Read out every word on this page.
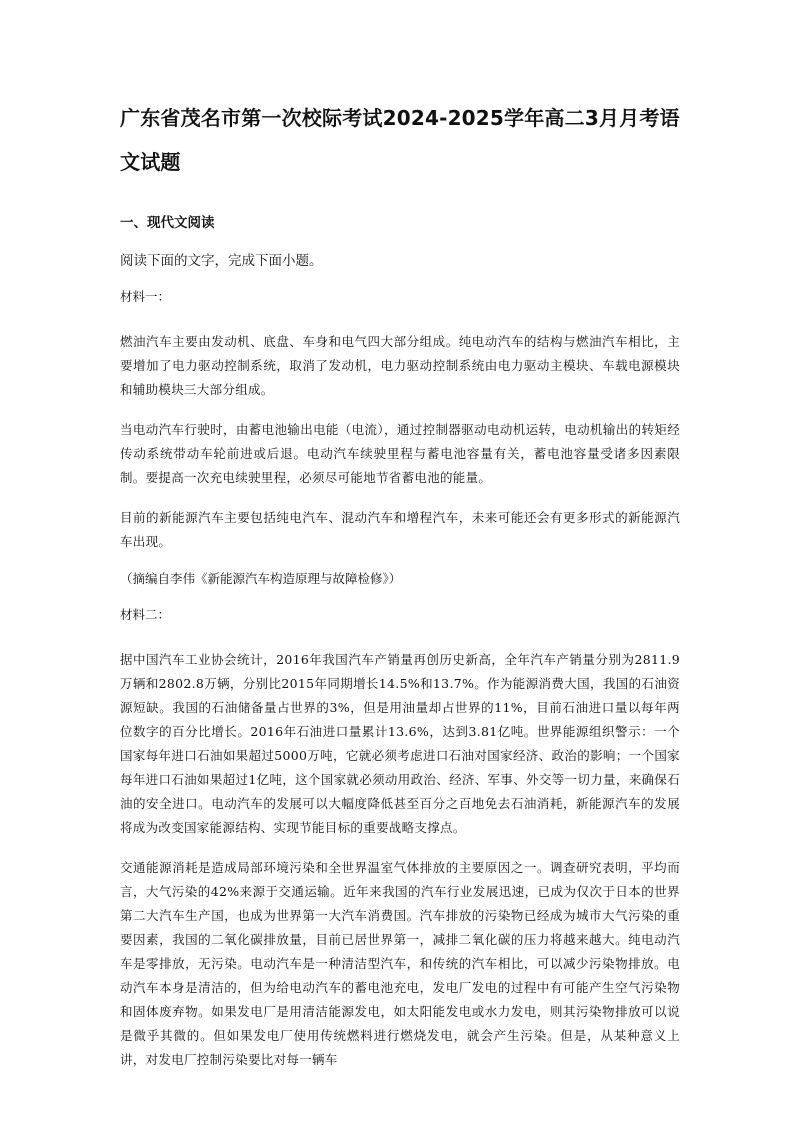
广东省茂名市第一次校际考试2024-2025学年高二3月月考语文试题
一、现代文阅读
阅读下面的文字，完成下面小题。
材料一：

燃油汽车主要由发动机、底盘、车身和电气四大部分组成。纯电动汽车的结构与燃油汽车相比，主要增加了电力驱动控制系统，取消了发动机，电力驱动控制系统由电力驱动主模块、车载电源模块和辅助模块三大部分组成。

当电动汽车行驶时，由蓄电池输出电能（电流），通过控制器驱动电动机运转，电动机输出的转矩经传动系统带动车轮前进或后退。电动汽车续驶里程与蓄电池容量有关，蓄电池容量受诸多因素限制。要提高一次充电续驶里程，必须尽可能地节省蓄电池的能量。

目前的新能源汽车主要包括纯电汽车、混动汽车和增程汽车，未来可能还会有更多形式的新能源汽车出现。

（摘编自李伟《新能源汽车构造原理与故障检修》）
材料二：

据中国汽车工业协会统计，2016年我国汽车产销量再创历史新高，全年汽车产销量分别为2811.9万辆和2802.8万辆，分别比2015年同期增长14.5%和13.7%。作为能源消费大国，我国的石油资源短缺。我国的石油储备量占世界的3%，但是用油量却占世界的11%，目前石油进口量以每年两位数字的百分比增长。2016年石油进口量累计13.6%，达到3.81亿吨。世界能源组织警示：一个国家每年进口石油如果超过5000万吨，它就必须考虑进口石油对国家经济、政治的影响；一个国家每年进口石油如果超过1亿吨，这个国家就必须动用政治、经济、军事、外交等一切力量，来确保石油的安全进口。电动汽车的发展可以大幅度降低甚至百分之百地免去石油消耗，新能源汽车的发展将成为改变国家能源结构、实现节能目标的重要战略支撑点。

交通能源消耗是造成局部环境污染和全世界温室气体排放的主要原因之一。调查研究表明，平均而言，大气污染的42%来源于交通运输。近年来我国的汽车行业发展迅速，已成为仅次于日本的世界第二大汽车生产国，也成为世界第一大汽车消费国。汽车排放的污染物已经成为城市大气污染的重要因素，我国的二氧化碳排放量，目前已居世界第一，减排二氧化碳的压力将越来越大。纯电动汽车是零排放，无污染。电动汽车是一种清洁型汽车，和传统的汽车相比，可以减少污染物排放。电动汽车本身是清洁的，但为给电动汽车的蓄电池充电，发电厂发电的过程中有可能产生空气污染物和固体废弃物。如果发电厂是用清洁能源发电，如太阳能发电或水力发电，则其污染物排放可以说是微乎其微的。但如果发电厂使用传统燃料进行燃烧发电，就会产生污染。但是，从某种意义上讲，对发电厂控制污染要比对每一辆车
